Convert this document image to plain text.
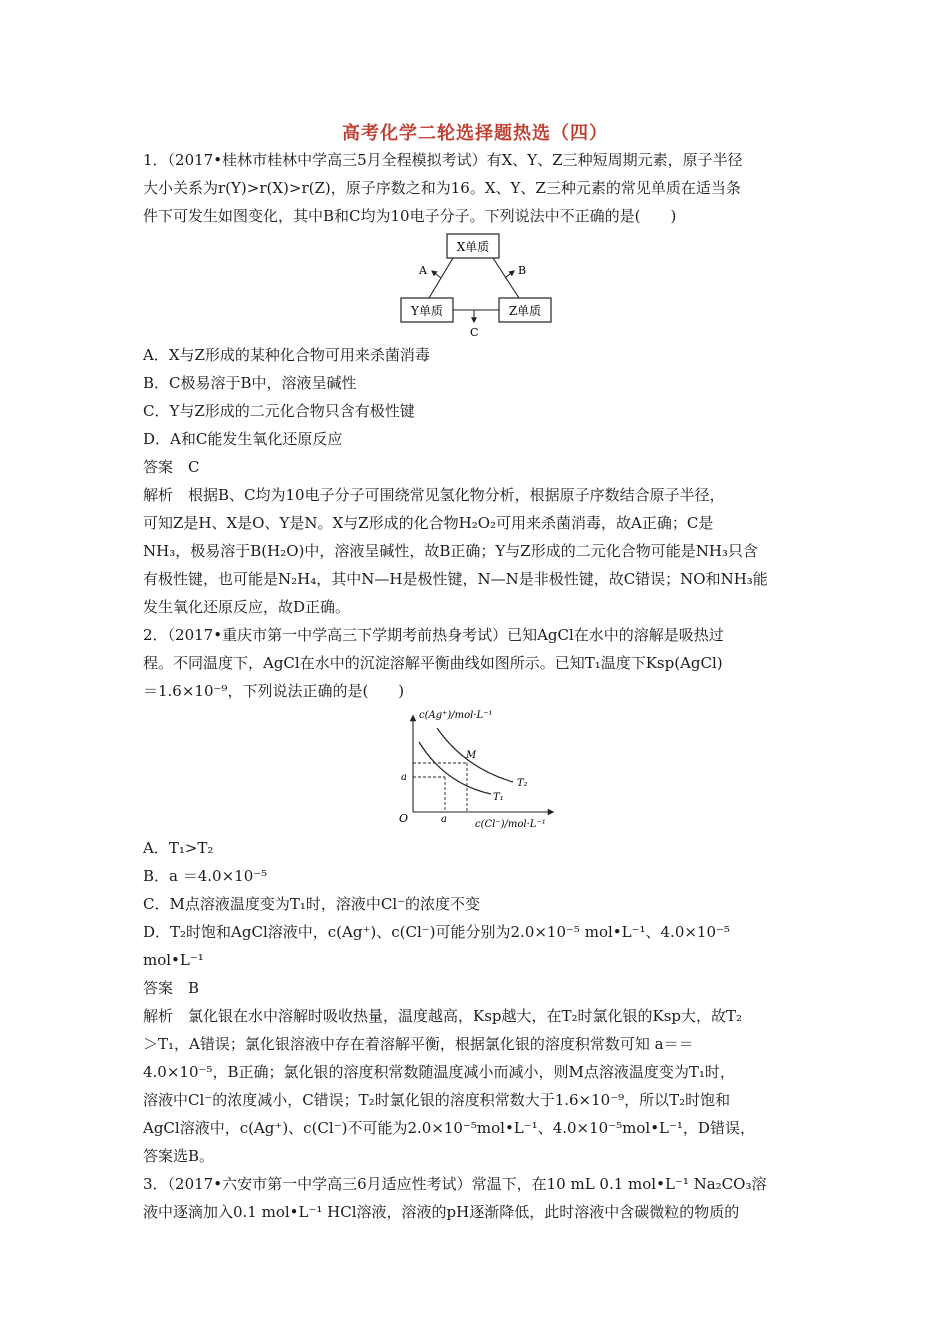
高考化学二轮选择题热选（四）
1．（2017•桂林市桂林中学高三5月全程模拟考试）有X、Y、Z三种短周期元素，原子半径
大小关系为r(Y)>r(X)>r(Z)，原子序数之和为16。X、Y、Z三种元素的常见单质在适当条
件下可发生如图变化，其中B和C均为10电子分子。下列说法中不正确的是(　　)
X单质
Y单质	Z单质
A	B
C
A．X与Z形成的某种化合物可用来杀菌消毒
B．C极易溶于B中，溶液呈碱性
C．Y与Z形成的二元化合物只含有极性键
D．A和C能发生氧化还原反应
答案　C
解析　根据B、C均为10电子分子可围绕常见氢化物分析，根据原子序数结合原子半径，
可知Z是H、X是O、Y是N。X与Z形成的化合物H₂O₂可用来杀菌消毒，故A正确；C是
NH₃，极易溶于B(H₂O)中，溶液呈碱性，故B正确；Y与Z形成的二元化合物可能是NH₃只含
有极性键，也可能是N₂H₄，其中N—H是极性键，N—N是非极性键，故C错误；NO和NH₃能
发生氧化还原反应，故D正确。
2．（2017•重庆市第一中学高三下学期考前热身考试）已知AgCl在水中的溶解是吸热过
程。不同温度下，AgCl在水中的沉淀溶解平衡曲线如图所示。已知T₁温度下Ksp(AgCl)
＝1.6×10⁻⁹，下列说法正确的是(　　)
c(Ag⁺)/mol·L⁻¹
c(Cl⁻)/mol·L⁻¹
O	a
a
M
T₂
T₁
A．T₁>T₂
B．a ＝4.0×10⁻⁵
C．M点溶液温度变为T₁时，溶液中Cl⁻的浓度不变
D．T₂时饱和AgCl溶液中，c(Ag⁺)、c(Cl⁻)可能分别为2.0×10⁻⁵ mol•L⁻¹、4.0×10⁻⁵
mol•L⁻¹
答案　B
解析　氯化银在水中溶解时吸收热量，温度越高，Ksp越大，在T₂时氯化银的Ksp大，故T₂
＞T₁，A错误；氯化银溶液中存在着溶解平衡，根据氯化银的溶度积常数可知 a＝＝
4.0×10⁻⁵，B正确；氯化银的溶度积常数随温度减小而减小，则M点溶液温度变为T₁时，
溶液中Cl⁻的浓度减小，C错误；T₂时氯化银的溶度积常数大于1.6×10⁻⁹，所以T₂时饱和
AgCl溶液中，c(Ag⁺)、c(Cl⁻)不可能为2.0×10⁻⁵mol•L⁻¹、4.0×10⁻⁵mol•L⁻¹，D错误，
答案选B。
3．（2017•六安市第一中学高三6月适应性考试）常温下，在10 mL 0.1 mol•L⁻¹ Na₂CO₃溶
液中逐滴加入0.1 mol•L⁻¹ HCl溶液，溶液的pH逐渐降低，此时溶液中含碳微粒的物质的
